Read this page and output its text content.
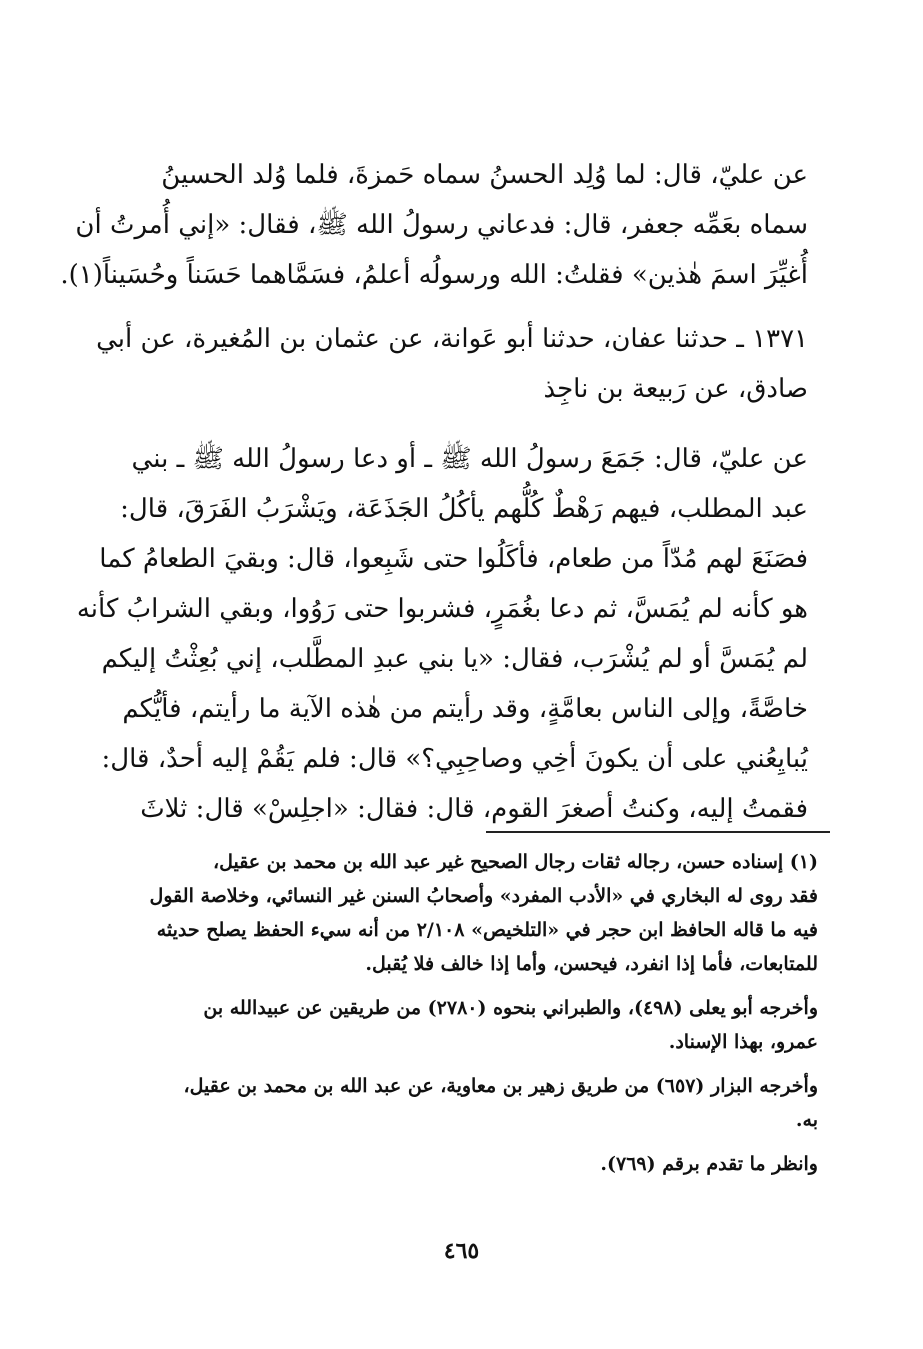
عن عليّ، قال: لما وُلِد الحسنُ سماه حَمزةَ، فلما وُلد الحسينُ
سماه بعَمِّه جعفر، قال: فدعاني رسولُ الله ﷺ، فقال: «إني أُمرتُ أن
أُغيِّرَ اسمَ هٰذين» فقلتُ: الله ورسولُه أعلمُ، فسَمَّاهما حَسَناً وحُسَيناً(١).

١٣٧١ ـ حدثنا عفان، حدثنا أبو عَوانة، عن عثمان بن المُغيرة، عن أبي
صادق، عن رَبيعة بن ناجِذ

عن عليّ، قال: جَمَعَ رسولُ الله ﷺ ـ أو دعا رسولُ الله ﷺ ـ بني
عبد المطلب، فيهم رَهْطٌ كُلُّهم يأكُلُ الجَذَعَة، ويَشْرَبُ الفَرَقَ، قال:
فصَنَعَ لهم مُدّاً من طعام، فأكَلُوا حتى شَبِعوا، قال: وبقيَ الطعامُ كما
هو كأنه لم يُمَسَّ، ثم دعا بغُمَرٍ، فشربوا حتى رَوُوا، وبقي الشرابُ كأنه
لم يُمَسَّ أو لم يُشْرَب، فقال: «يا بني عبدِ المطَّلب، إني بُعِثْتُ إليكم
خاصَّةً، وإلى الناس بعامَّةٍ، وقد رأيتم من هٰذه الآية ما رأيتم، فأيُّكم
يُبايِعُني على أن يكونَ أخِي وصاحِبِي؟» قال: فلم يَقُمْ إليه أحدٌ، قال:
فقمتُ إليه، وكنتُ أصغرَ القوم، قال: فقال: «اجلِسْ» قال: ثلاثَ

(١) إسناده حسن، رجاله ثقات رجال الصحيح غير عبد الله بن محمد بن عقيل،
فقد روى له البخاري في «الأدب المفرد» وأصحابُ السنن غير النسائي، وخلاصة القول
فيه ما قاله الحافظ ابن حجر في «التلخيص» ٢/١٠٨ من أنه سيء الحفظ يصلح حديثه
للمتابعات، فأما إذا انفرد، فيحسن، وأما إذا خالف فلا يُقبل.

وأخرجه أبو يعلى (٤٩٨)، والطبراني بنحوه (٢٧٨٠) من طريقين عن عبيدالله بن
عمرو، بهذا الإسناد.

وأخرجه البزار (٦٥٧) من طريق زهير بن معاوية، عن عبد الله بن محمد بن عقيل،
به.

وانظر ما تقدم برقم (٧٦٩).

٤٦٥
